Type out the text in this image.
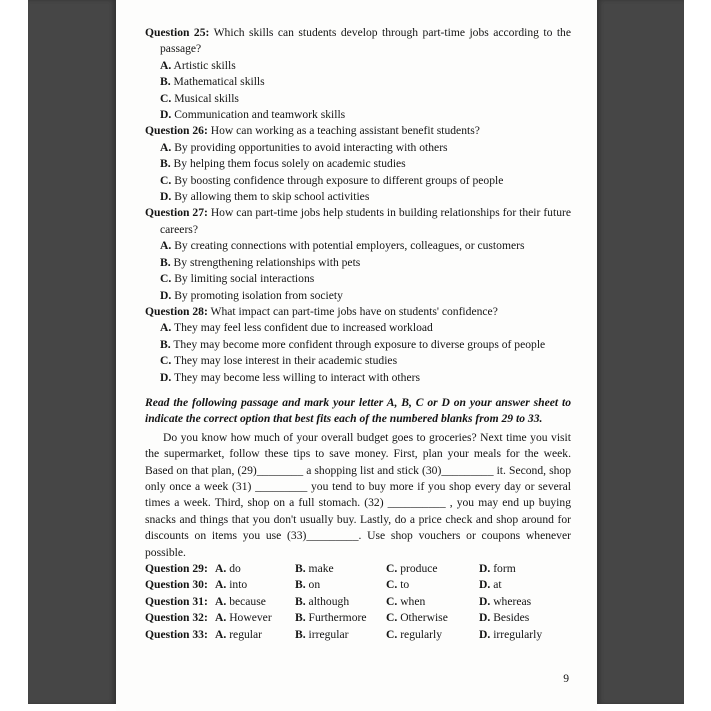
Question 25: Which skills can students develop through part-time jobs according to the passage?

A. Artistic skills

B. Mathematical skills

C. Musical skills

D. Communication and teamwork skills

Question 26: How can working as a teaching assistant benefit students?

A. By providing opportunities to avoid interacting with others

B. By helping them focus solely on academic studies

C. By boosting confidence through exposure to different groups of people

D. By allowing them to skip school activities

Question 27: How can part-time jobs help students in building relationships for their future careers?

A. By creating connections with potential employers, colleagues, or customers

B. By strengthening relationships with pets

C. By limiting social interactions

D. By promoting isolation from society

Question 28: What impact can part-time jobs have on students' confidence?

A. They may feel less confident due to increased workload

B. They may become more confident through exposure to diverse groups of people

C. They may lose interest in their academic studies

D. They may become less willing to interact with others

Read the following passage and mark your letter A, B, C or D on your answer sheet to indicate the correct option that best fits each of the numbered blanks from 29 to 33.

Do you know how much of your overall budget goes to groceries? Next time you visit the supermarket, follow these tips to save money. First, plan your meals for the week. Based on that plan, (29)________ a shopping list and stick (30)_________ it. Second, shop only once a week (31) _________ you tend to buy more if you shop every day or several times a week. Third, shop on a full stomach. (32) __________ , you may end up buying snacks and things that you don't usually buy. Lastly, do a price check and shop around for discounts on items you use (33)_________. Use shop vouchers or coupons whenever possible.

Question 29: A. do	B. make	C. produce	D. form
Question 30: A. into	B. on	C. to	D. at
Question 31: A. because	B. although	C. when	D. whereas
Question 32: A. However	B. Furthermore	C. Otherwise	D. Besides
Question 33: A. regular	B. irregular	C. regularly	D. irregularly
9
